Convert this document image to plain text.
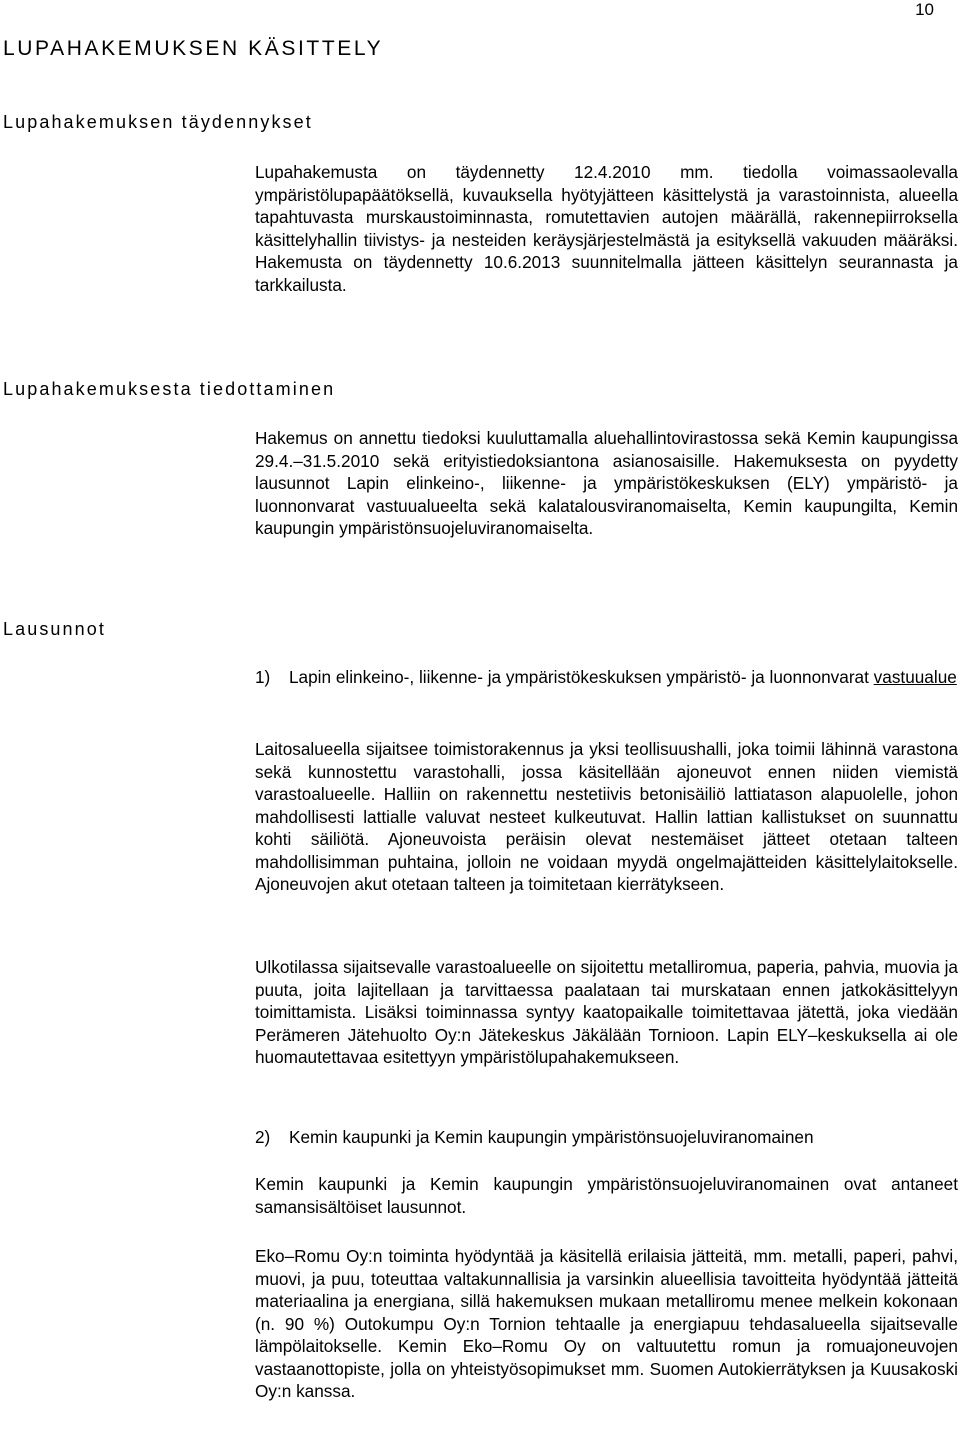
10
LUPAHAKEMUKSEN KÄSITTELY
Lupahakemuksen täydennykset

Lupahakemusta on täydennetty 12.4.2010 mm. tiedolla voimassaolevalla ympäristölupapäätöksellä, kuvauksella hyötyjätteen käsittelystä ja varastoinnista, alueella tapahtuvasta murskaustoiminnasta, romutettavien autojen määrällä, rakennepiirroksella käsittelyhallin tiivistys- ja nesteiden keräysjärjestelmästä ja esityksellä vakuuden määräksi. Hakemusta on täydennetty 10.6.2013 suunnitelmalla jätteen käsittelyn seurannasta ja tarkkailusta.

Lupahakemuksesta tiedottaminen

Hakemus on annettu tiedoksi kuuluttamalla aluehallintovirastossa sekä Kemin kaupungissa 29.4.–31.5.2010 sekä erityistiedoksiantona asianosaisille. Hakemuksesta on pyydetty lausunnot Lapin elinkeino-, liikenne- ja ympäristökeskuksen (ELY) ympäristö- ja luonnonvarat vastuualueelta sekä kalatalousviranomaiselta, Kemin kaupungilta, Kemin kaupungin ympäristönsuojeluviranomaiselta.

Lausunnot
1) Lapin elinkeino-, liikenne- ja ympäristökeskuksen ympäristö- ja luonnonvarat vastuualue

Laitosalueella sijaitsee toimistorakennus ja yksi teollisuushalli, joka toimii lähinnä varastona sekä kunnostettu varastohalli, jossa käsitellään ajoneuvot ennen niiden viemistä varastoalueelle. Halliin on rakennettu nestetiivis betonisäiliö lattiatason alapuolelle, johon mahdollisesti lattialle valuvat nesteet kulkeutuvat. Hallin lattian kallistukset on suunnattu kohti säiliötä. Ajoneuvoista peräisin olevat nestemäiset jätteet otetaan talteen mahdollisimman puhtaina, jolloin ne voidaan myydä ongelmajätteiden käsittelylaitokselle. Ajoneuvojen akut otetaan talteen ja toimitetaan kierrätykseen.

Ulkotilassa sijaitsevalle varastoalueelle on sijoitettu metalliromua, paperia, pahvia, muovia ja puuta, joita lajitellaan ja tarvittaessa paalataan tai murskataan ennen jatkokäsittelyyn toimittamista. Lisäksi toiminnassa syntyy kaatopaikalle toimitettavaa jätettä, joka viedään Perämeren Jätehuolto Oy:n Jätekeskus Jäkälään Tornioon. Lapin ELY–keskuksella ai ole huomautettavaa esitettyyn ympäristölupahakemukseen.

2) Kemin kaupunki ja Kemin kaupungin ympäristönsuojeluviranomainen

Kemin kaupunki ja Kemin kaupungin ympäristönsuojeluviranomainen ovat antaneet samansisältöiset lausunnot.

Eko–Romu Oy:n toiminta hyödyntää ja käsitellä erilaisia jätteitä, mm. metalli, paperi, pahvi, muovi, ja puu, toteuttaa valtakunnallisia ja varsinkin alueellisia tavoitteita hyödyntää jätteitä materiaalina ja energiana, sillä hakemuksen mukaan metalliromu menee melkein kokonaan (n. 90 %) Outokumpu Oy:n Tornion tehtaalle ja energiapuu tehdasalueella sijaitsevalle lämpölaitokselle. Kemin Eko–Romu Oy on valtuutettu romun ja romuajoneuvojen vastaanottopiste, jolla on yhteistyösopimukset mm. Suomen Autokierrätyksen ja Kuusakoski Oy:n kanssa.
